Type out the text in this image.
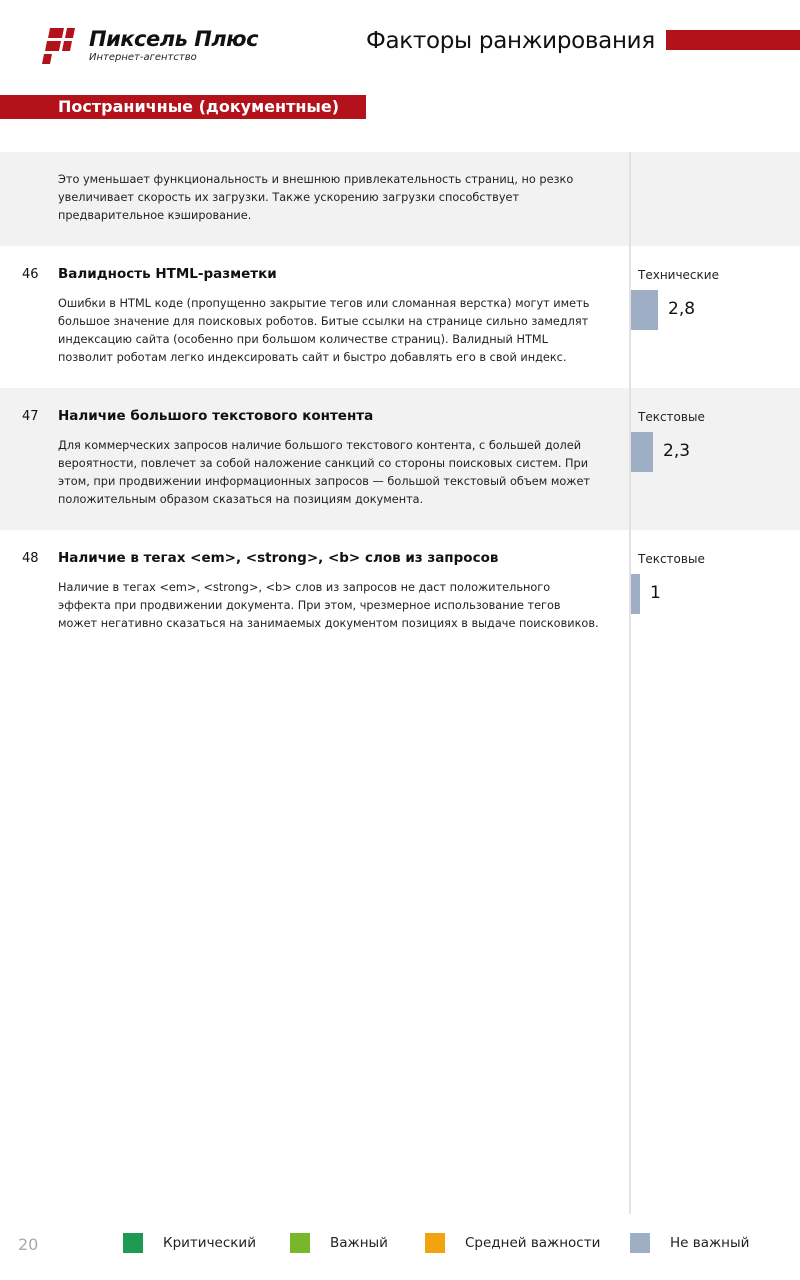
Пиксель Плюс
Интернет-агентство
Факторы ранжирования
Постраничные (документные)
Это уменьшает функциональность и внешнюю привлекательность страниц, но резко увеличивает скорость их загрузки. Также ускорению загрузки способствует предварительное кэширование.
46 Валидность HTML-разметки
Ошибки в HTML коде (пропущенно закрытие тегов или сломанная верстка) могут иметь большое значение для поисковых роботов. Битые ссылки на странице сильно замедлят индексацию сайта (особенно при большом количестве страниц). Валидный HTML позволит роботам легко индексировать сайт и быстро добавлять его в свой индекс.
Технические
2,8
47 Наличие большого текстового контента
Для коммерческих запросов наличие большого текстового контента, с большей долей вероятности, повлечет за собой наложение санкций со стороны поисковых систем. При этом, при продвижении информационных запросов — большой текстовый объем может положительным образом сказаться на позициям документа.
Текстовые
2,3
48 Наличие в тегах <em>, <strong>, <b> слов из запросов
Наличие в тегах <em>, <strong>, <b> слов из запросов не даст положительного эффекта при продвижении документа. При этом, чрезмерное использование тегов может негативно сказаться на занимаемых документом позициях в выдаче поисковиков.
Текстовые
1
20	Критический	Важный	Средней важности	Не важный
